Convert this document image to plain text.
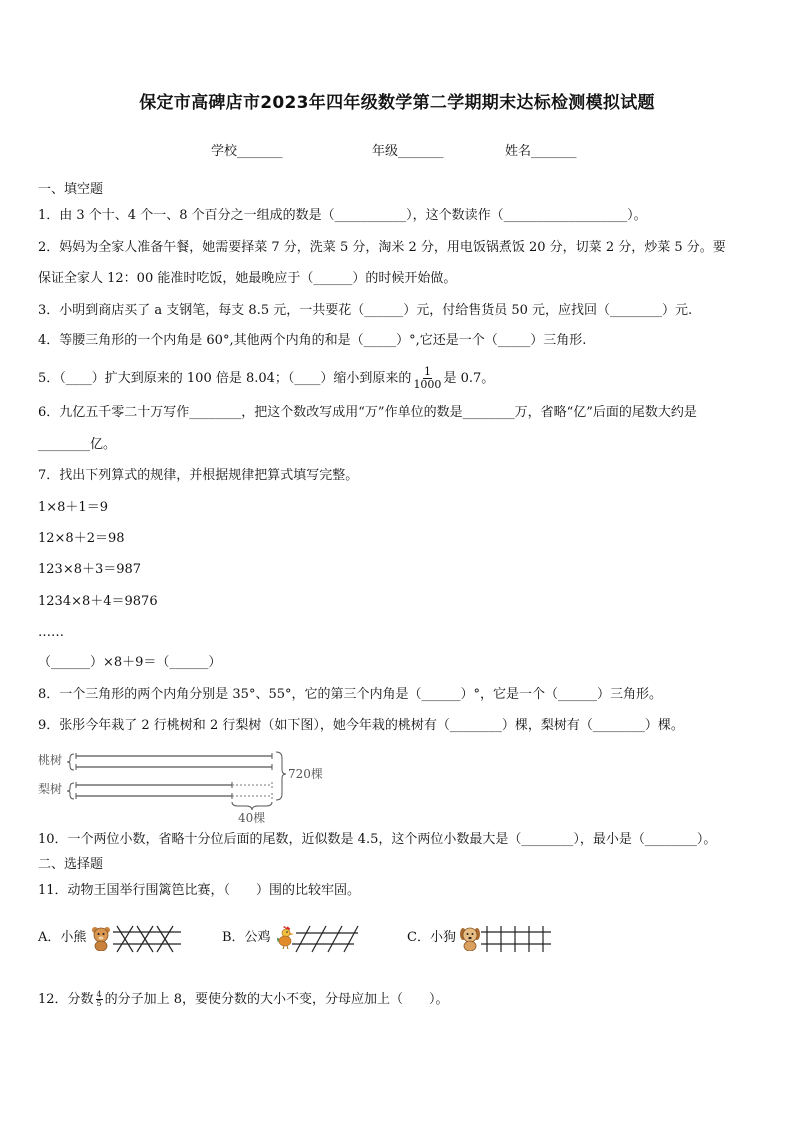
保定市高碑店市2023年四年级数学第二学期期末达标检测模拟试题
学校_______	年级_______	姓名_______
一、填空题
1．由 3 个十、4 个一、8 个百分之一组成的数是（___________），这个数读作（___________________）。
2．妈妈为全家人准备午餐，她需要择菜 7 分，洗菜 5 分，淘米 2 分，用电饭锅煮饭 20 分，切菜 2 分，炒菜 5 分。要
保证全家人 12：00 能准时吃饭，她最晚应于（______）的时候开始做。
3．小明到商店买了 a 支钢笔，每支 8.5 元，一共要花（______）元，付给售货员 50 元，应找回（________）元.
4．等腰三角形的一个内角是 60°,其他两个内角的和是（_____）°,它还是一个（_____）三角形.
5．（____）扩大到原来的 100 倍是 8.04；（____）缩小到原来的 $\frac{1}{1000}$ 是 0.7。
6．九亿五千零二十万写作________，把这个数改写成用“万”作单位的数是________万，省略“亿”后面的尾数大约是
________亿。
7．找出下列算式的规律，并根据规律把算式填写完整。
1×8＋1＝9
12×8＋2＝98
123×8＋3＝987
1234×8＋4＝9876
……
（______）×8＋9＝（______）
8．一个三角形的两个内角分别是 35°、55°，它的第三个内角是（______）°，它是一个（______）三角形。
9．张彤今年栽了 2 行桃树和 2 行梨树（如下图），她今年栽的桃树有（________）棵，梨树有（________）棵。
桃树
梨树
720棵
40棵
10．一个两位小数，省略十分位后面的尾数，近似数是 4.5，这个两位小数最大是（________），最小是（________）。
二、选择题
11．动物王国举行围篱笆比赛，（　　）围的比较牢固。
A．小熊	B．公鸡	C．小狗
12．分数 $\frac{4}{5}$ 的分子加上 8，要使分数的大小不变，分母应加上（　　）。
